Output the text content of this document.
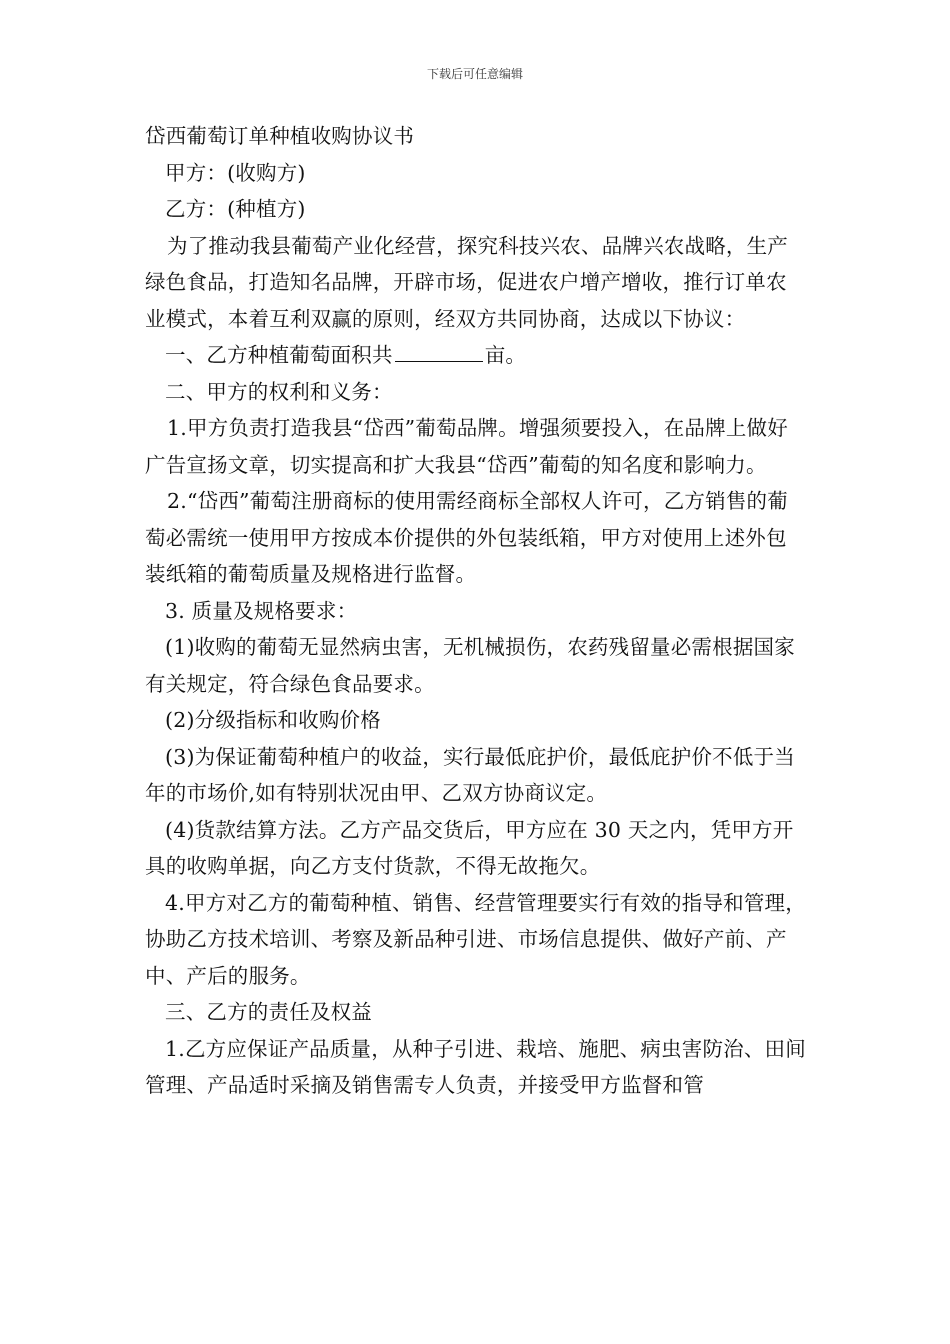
下载后可任意编辑

岱西葡萄订单种植收购协议书

甲方：(收购方)

乙方：(种植方)

为了推动我县葡萄产业化经营，探究科技兴农、品牌兴农战略，生产绿色食品，打造知名品牌，开辟市场，促进农户增产增收，推行订单农业模式，本着互利双赢的原则，经双方共同协商，达成以下协议：

一、乙方种植葡萄面积共	亩。

二、甲方的权利和义务：

1.甲方负责打造我县“岱西”葡萄品牌。增强须要投入，在品牌上做好广告宣扬文章，切实提高和扩大我县“岱西”葡萄的知名度和影响力。

2.“岱西”葡萄注册商标的使用需经商标全部权人许可，乙方销售的葡萄必需统一使用甲方按成本价提供的外包装纸箱，甲方对使用上述外包装纸箱的葡萄质量及规格进行监督。

3. 质量及规格要求：

(1)收购的葡萄无显然病虫害，无机械损伤，农药残留量必需根据国家有关规定，符合绿色食品要求。

(2)分级指标和收购价格

(3)为保证葡萄种植户的收益，实行最低庇护价，最低庇护价不低于当年的市场价,如有特别状况由甲、乙双方协商议定。

(4)货款结算方法。乙方产品交货后，甲方应在 30 天之内，凭甲方开具的收购单据，向乙方支付货款，不得无故拖欠。

4.甲方对乙方的葡萄种植、销售、经营管理要实行有效的指导和管理，协助乙方技术培训、考察及新品种引进、市场信息提供、做好产前、产中、产后的服务。

三、乙方的责任及权益

1.乙方应保证产品质量，从种子引进、栽培、施肥、病虫害防治、田间管理、产品适时采摘及销售需专人负责，并接受甲方监督和管
